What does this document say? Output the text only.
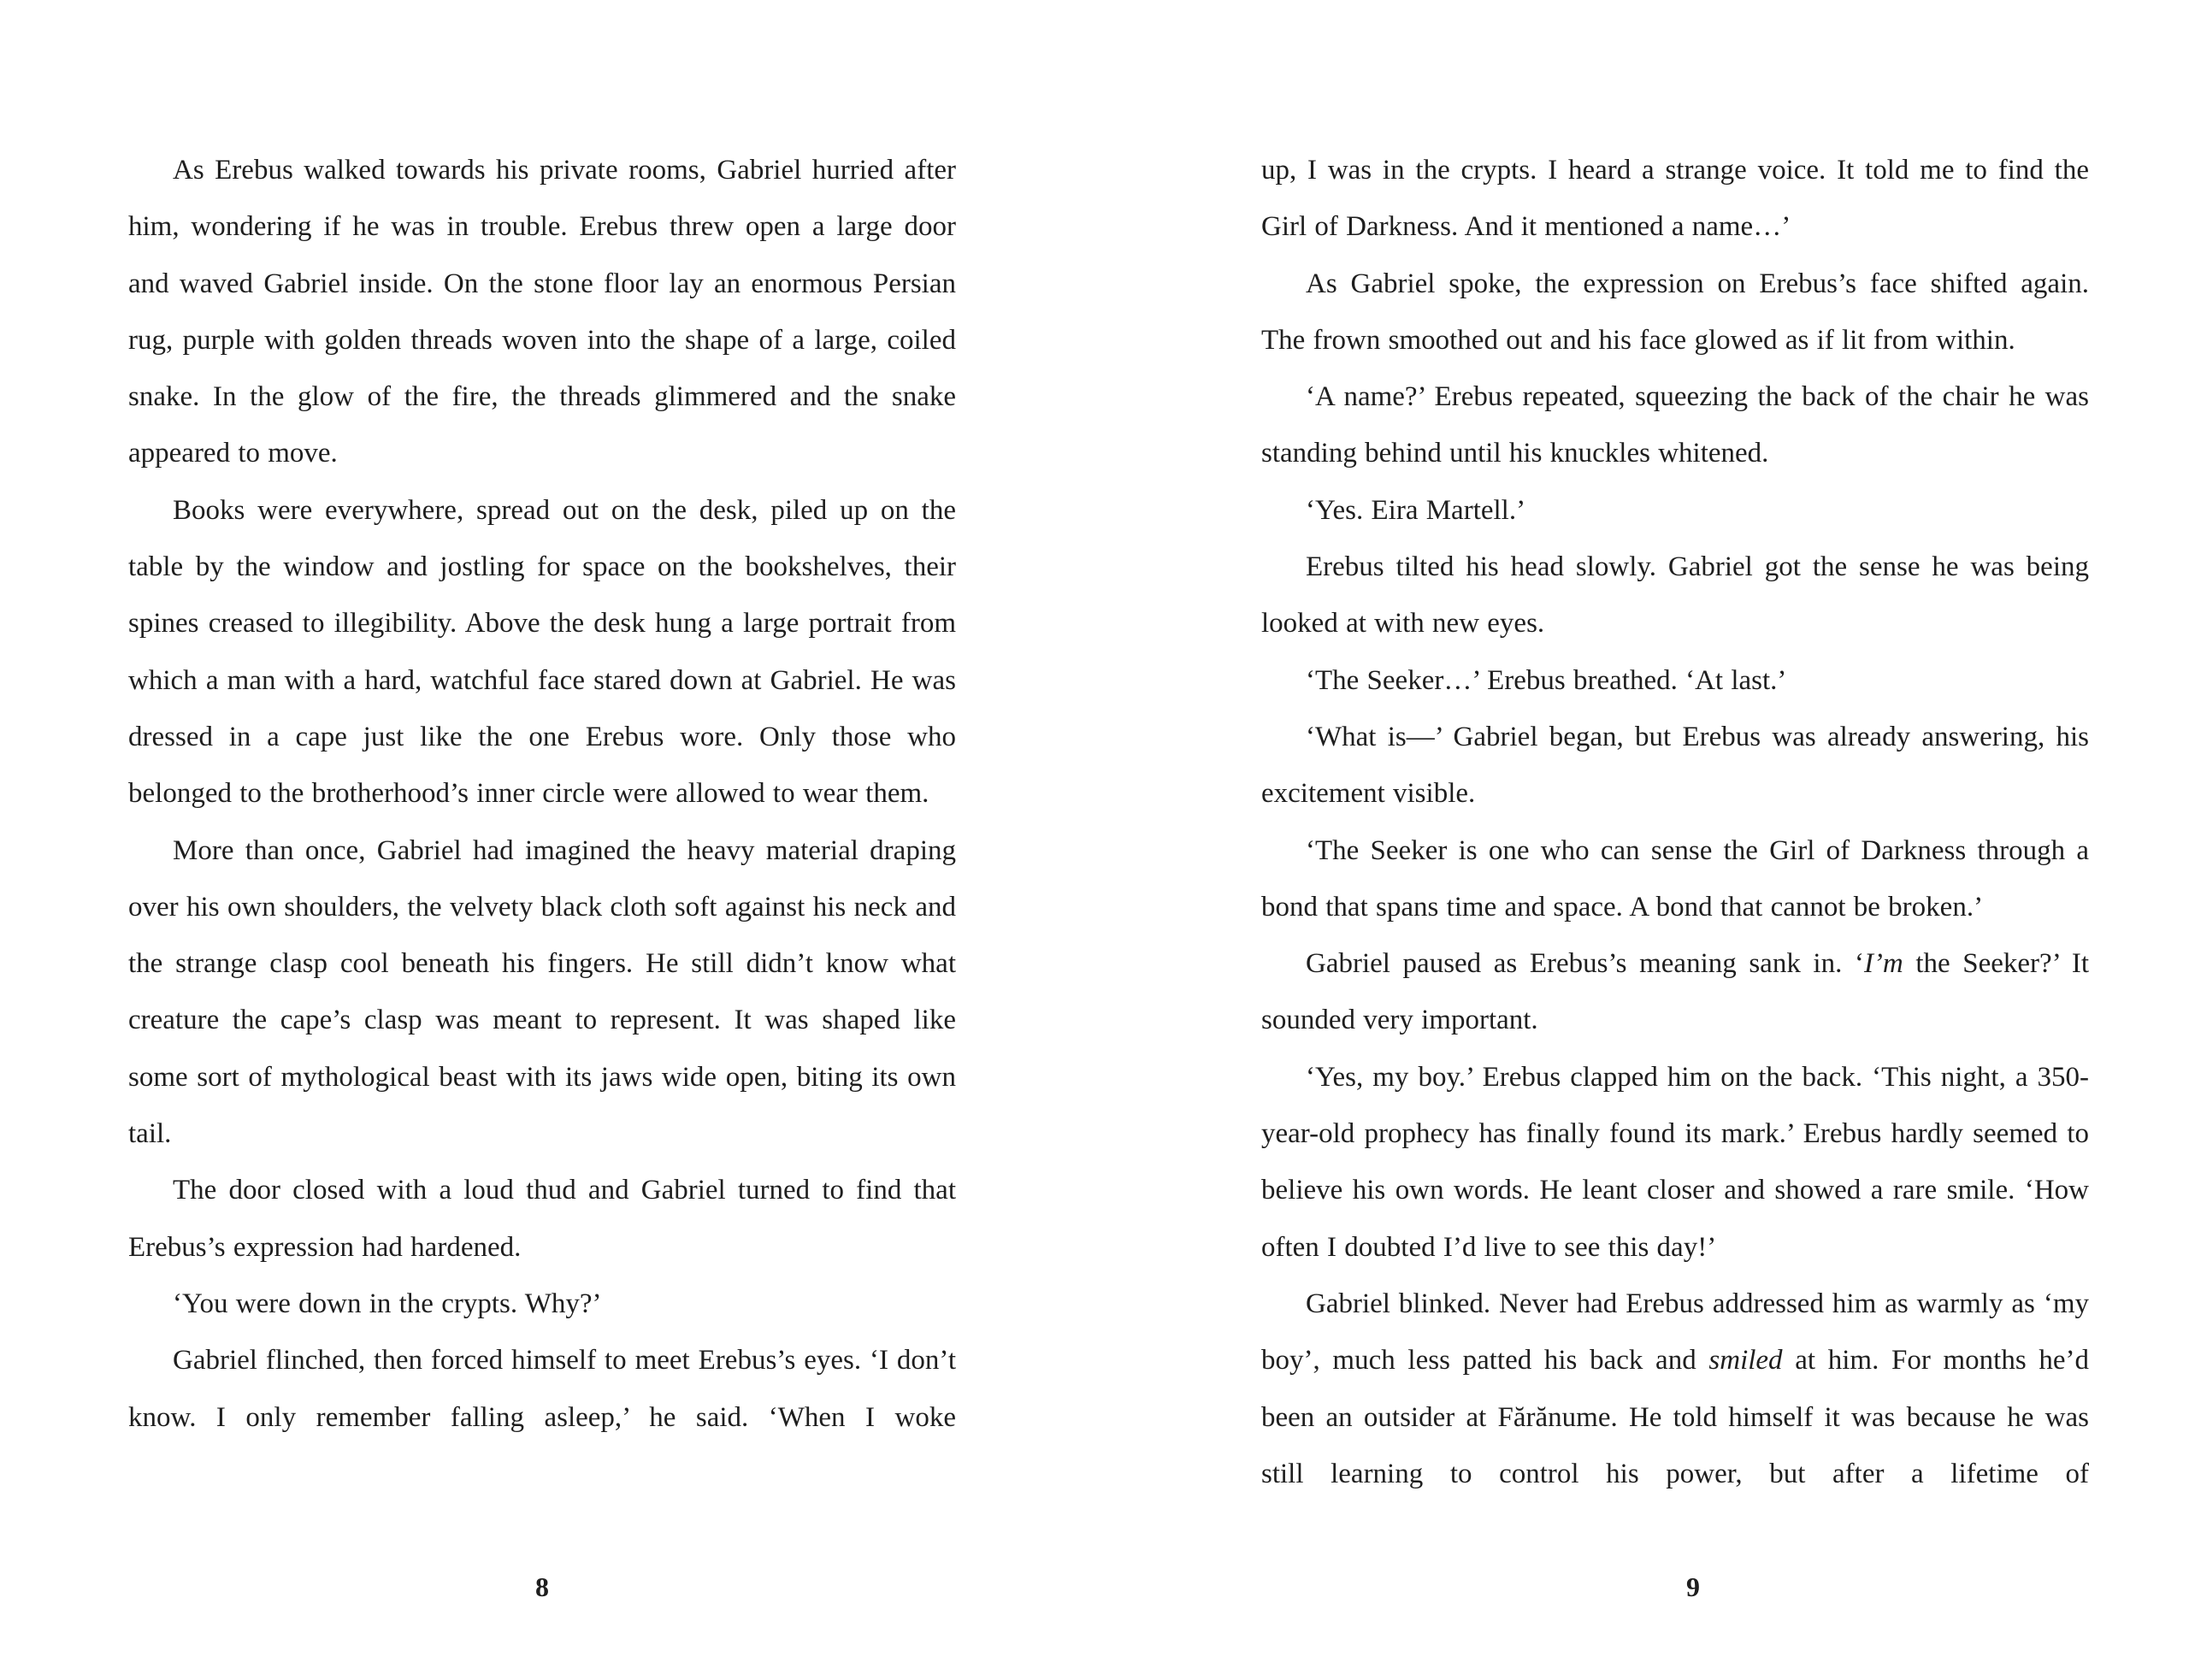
As Erebus walked towards his private rooms, Gabriel hurried after him, wondering if he was in trouble. Erebus threw open a large door and waved Gabriel inside. On the stone floor lay an enormous Persian rug, purple with golden threads woven into the shape of a large, coiled snake. In the glow of the fire, the threads glimmered and the snake appeared to move.

Books were everywhere, spread out on the desk, piled up on the table by the window and jostling for space on the bookshelves, their spines creased to illegibility. Above the desk hung a large portrait from which a man with a hard, watchful face stared down at Gabriel. He was dressed in a cape just like the one Erebus wore. Only those who belonged to the brotherhood’s inner circle were allowed to wear them.

More than once, Gabriel had imagined the heavy material draping over his own shoulders, the velvety black cloth soft against his neck and the strange clasp cool beneath his fingers. He still didn’t know what creature the cape’s clasp was meant to represent. It was shaped like some sort of mythological beast with its jaws wide open, biting its own tail.

The door closed with a loud thud and Gabriel turned to find that Erebus’s expression had hardened.

‘You were down in the crypts. Why?’

Gabriel flinched, then forced himself to meet Erebus’s eyes. ‘I don’t know. I only remember falling asleep,’ he said. ‘When I woke

8

up, I was in the crypts. I heard a strange voice. It told me to find the Girl of Darkness. And it mentioned a name…’

As Gabriel spoke, the expression on Erebus’s face shifted again. The frown smoothed out and his face glowed as if lit from within.

‘A name?’ Erebus repeated, squeezing the back of the chair he was standing behind until his knuckles whitened.

‘Yes. Eira Martell.’

Erebus tilted his head slowly. Gabriel got the sense he was being looked at with new eyes.

‘The Seeker…’ Erebus breathed. ‘At last.’

‘What is—’ Gabriel began, but Erebus was already answering, his excitement visible.

‘The Seeker is one who can sense the Girl of Darkness through a bond that spans time and space. A bond that cannot be broken.’

Gabriel paused as Erebus’s meaning sank in. ‘I’m the Seeker?’ It sounded very important.

‘Yes, my boy.’ Erebus clapped him on the back. ‘This night, a 350-year-old prophecy has finally found its mark.’ Erebus hardly seemed to believe his own words. He leant closer and showed a rare smile. ‘How often I doubted I’d live to see this day!’

Gabriel blinked. Never had Erebus addressed him as warmly as ‘my boy’, much less patted his back and smiled at him. For months he’d been an outsider at Fărănume. He told himself it was because he was still learning to control his power, but after a lifetime of

9
